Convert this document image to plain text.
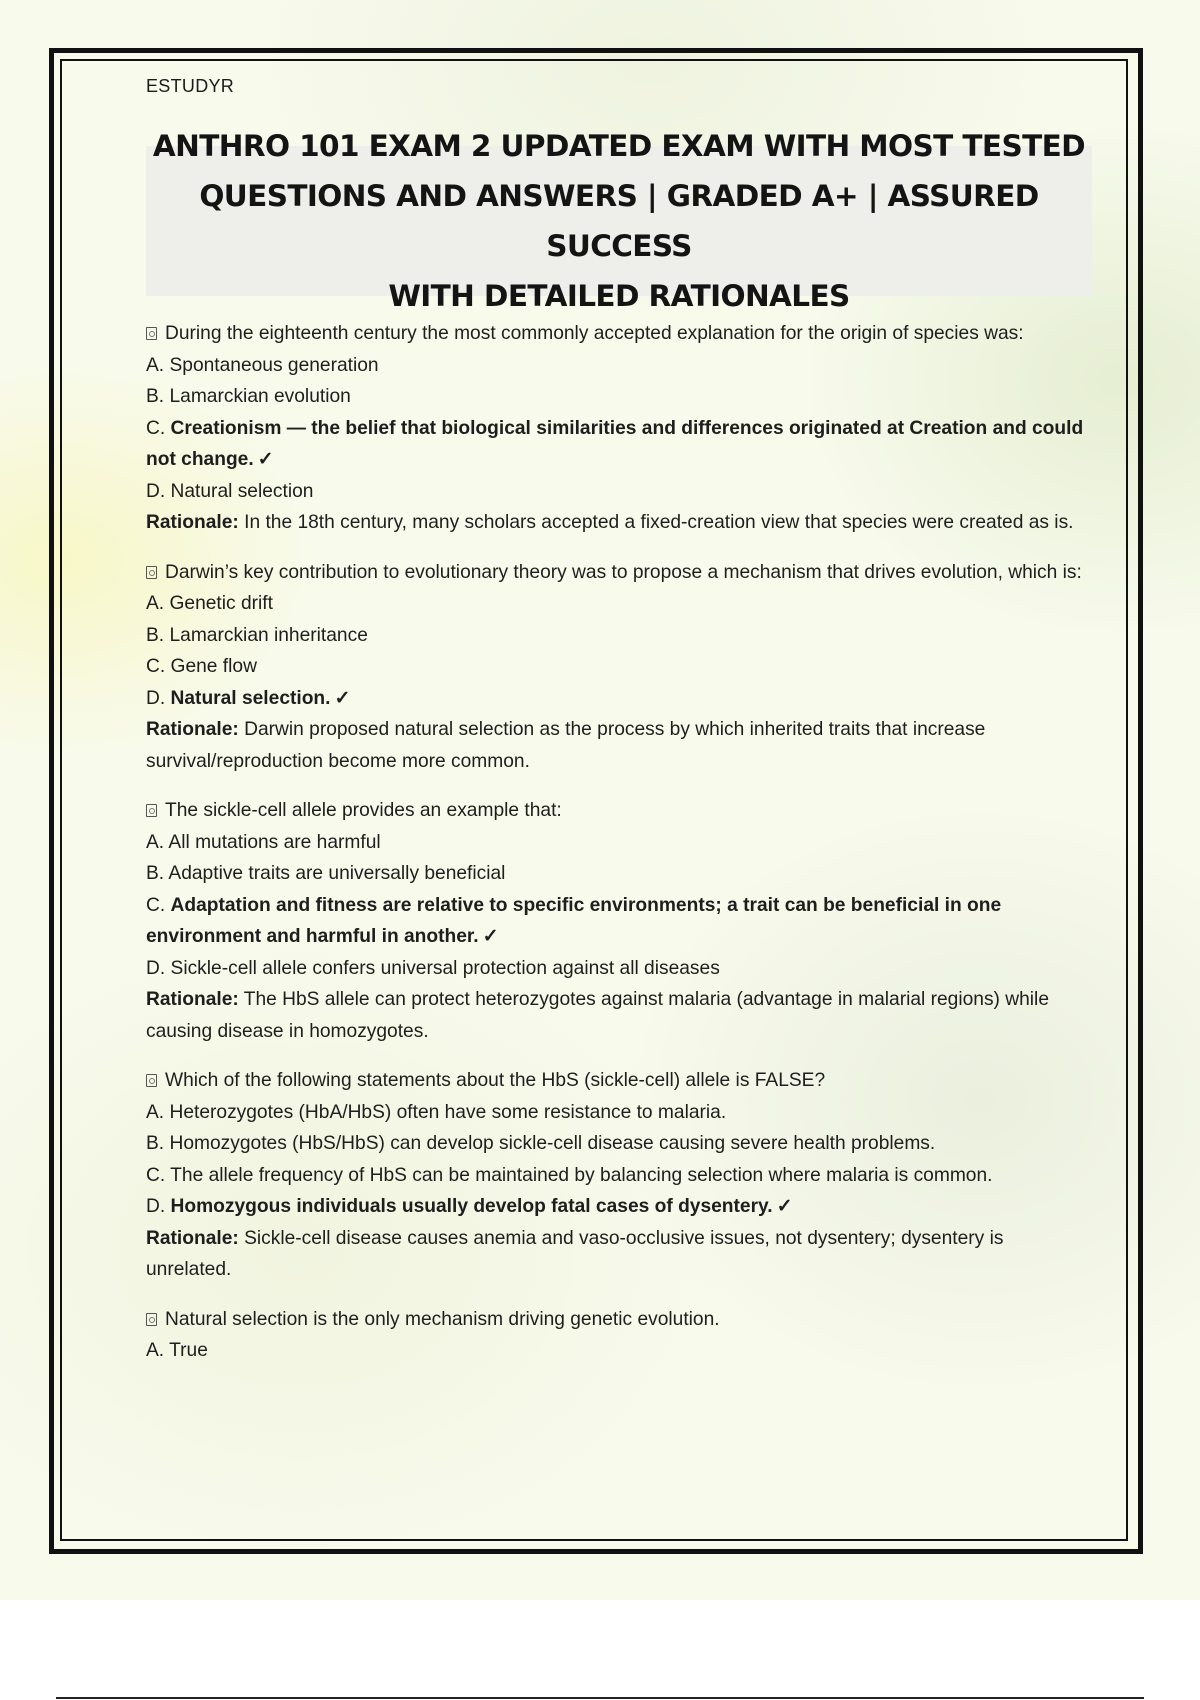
ESTUDYR
ANTHRO 101 EXAM 2 UPDATED EXAM WITH MOST TESTED
QUESTIONS AND ANSWERS | GRADED A+ | ASSURED SUCCESS
WITH DETAILED RATIONALES
During the eighteenth century the most commonly accepted explanation for the origin of species was:
A. Spontaneous generation
B. Lamarckian evolution
C. Creationism — the belief that biological similarities and differences originated at Creation and could not change. ✓
D. Natural selection
Rationale: In the 18th century, many scholars accepted a fixed-creation view that species were created as is.
Darwin’s key contribution to evolutionary theory was to propose a mechanism that drives evolution, which is:
A. Genetic drift
B. Lamarckian inheritance
C. Gene flow
D. Natural selection. ✓
Rationale: Darwin proposed natural selection as the process by which inherited traits that increase survival/reproduction become more common.
The sickle-cell allele provides an example that:
A. All mutations are harmful
B. Adaptive traits are universally beneficial
C. Adaptation and fitness are relative to specific environments; a trait can be beneficial in one environment and harmful in another. ✓
D. Sickle-cell allele confers universal protection against all diseases
Rationale: The HbS allele can protect heterozygotes against malaria (advantage in malarial regions) while causing disease in homozygotes.
Which of the following statements about the HbS (sickle-cell) allele is FALSE?
A. Heterozygotes (HbA/HbS) often have some resistance to malaria.
B. Homozygotes (HbS/HbS) can develop sickle-cell disease causing severe health problems.
C. The allele frequency of HbS can be maintained by balancing selection where malaria is common.
D. Homozygous individuals usually develop fatal cases of dysentery. ✓
Rationale: Sickle-cell disease causes anemia and vaso-occlusive issues, not dysentery; dysentery is unrelated.
Natural selection is the only mechanism driving genetic evolution.
A. True
